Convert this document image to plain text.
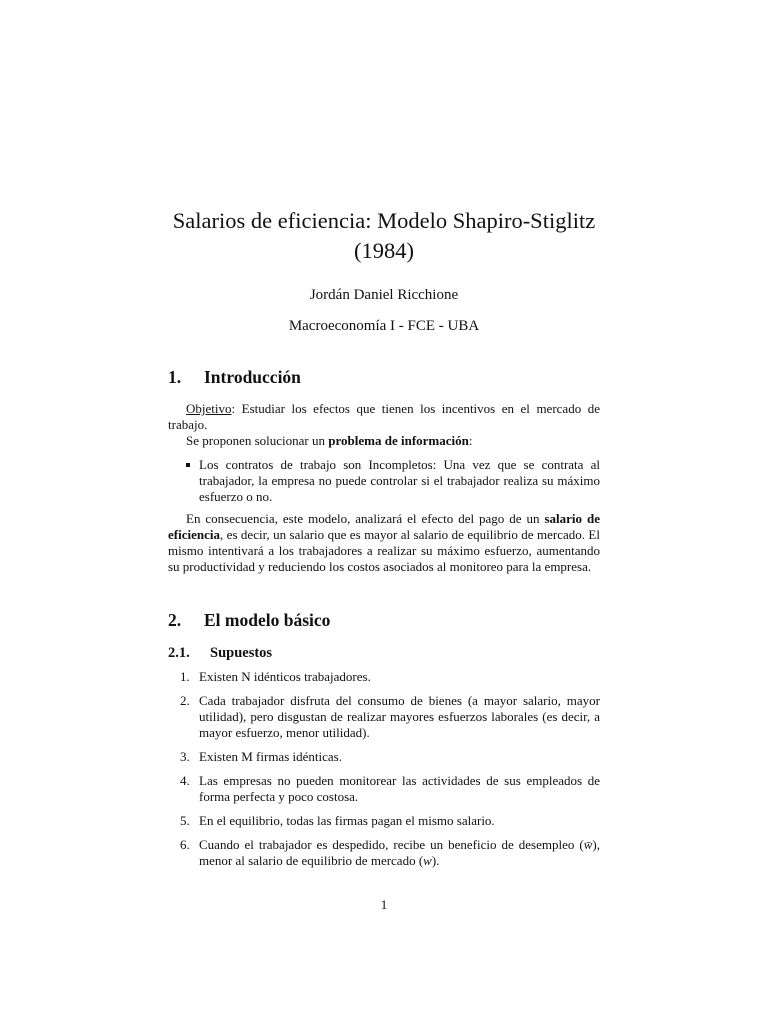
Salarios de eficiencia: Modelo Shapiro-Stiglitz
(1984)
Jordán Daniel Ricchione
Macroeconomía I - FCE - UBA
1. Introducción

Objetivo: Estudiar los efectos que tienen los incentivos en el mercado de trabajo.

Se proponen solucionar un problema de información:

Los contratos de trabajo son Incompletos: Una vez que se contrata al trabajador, la empresa no puede controlar si el trabajador realiza su máximo esfuerzo o no.

En consecuencia, este modelo, analizará el efecto del pago de un salario de eficiencia, es decir, un salario que es mayor al salario de equilibrio de mercado. El mismo intentivará a los trabajadores a realizar su máximo esfuerzo, aumentando su productividad y reduciendo los costos asociados al monitoreo para la empresa.

2. El modelo básico
2.1. Supuestos
1. Existen N idénticos trabajadores.
2. Cada trabajador disfruta del consumo de bienes (a mayor salario, mayor utilidad), pero disgustan de realizar mayores esfuerzos laborales (es decir, a mayor esfuerzo, menor utilidad).
3. Existen M firmas idénticas.
4. Las empresas no pueden monitorear las actividades de sus empleados de forma perfecta y poco costosa.
5. En el equilibrio, todas las firmas pagan el mismo salario.
6. Cuando el trabajador es despedido, recibe un beneficio de desempleo (w̄), menor al salario de equilibrio de mercado (w).
1
